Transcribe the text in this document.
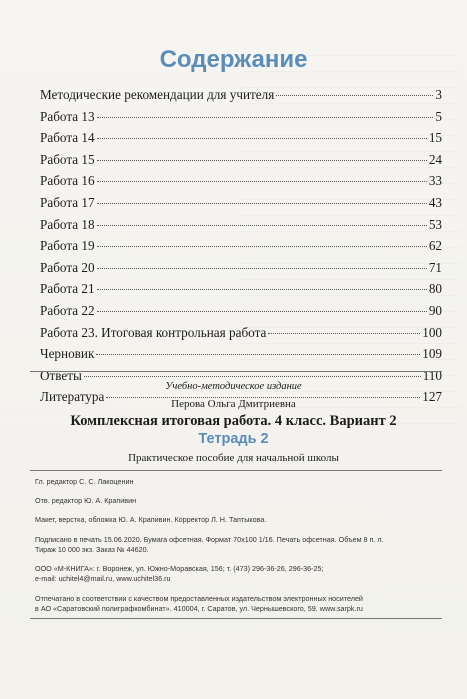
Содержание
Методические рекомендации для учителя	3
Работа 13	5
Работа 14	15
Работа 15	24
Работа 16	33
Работа 17	43
Работа 18	53
Работа 19	62
Работа 20	71
Работа 21	80
Работа 22	90
Работа 23. Итоговая контрольная работа	100
Черновик	109
Ответы	110
Литература	127
Учебно-методическое издание
Перова Ольга Дмитриевна
Комплексная итоговая работа. 4 класс. Вариант 2
Тетрадь 2
Практическое пособие для начальной школы
Гл. редактор С. С. Лакоценин
Отв. редактор Ю. А. Крапивин
Макет, верстка, обложка Ю. А. Крапивин. Корректор Л. Н. Таптыкова.
Подписано в печать 15.06.2020. Бумага офсетная. Формат 70x100 1/16. Печать офсетная. Объем 8 п. л.
Тираж 10 000 экз. Заказ № 44620.
ООО «М-КНИГА»: г. Воронеж, ул. Южно-Моравская, 156; т. (473) 296-36-26, 296-36-25;
e-mail: uchitel4@mail.ru, www.uchitel36.ru
Отпечатано в соответствии с качеством предоставленных издательством электронных носителей
в АО «Саратовский полиграфкомбинат». 410004, г. Саратов, ул. Чернышевского, 59. www.sarpk.ru
